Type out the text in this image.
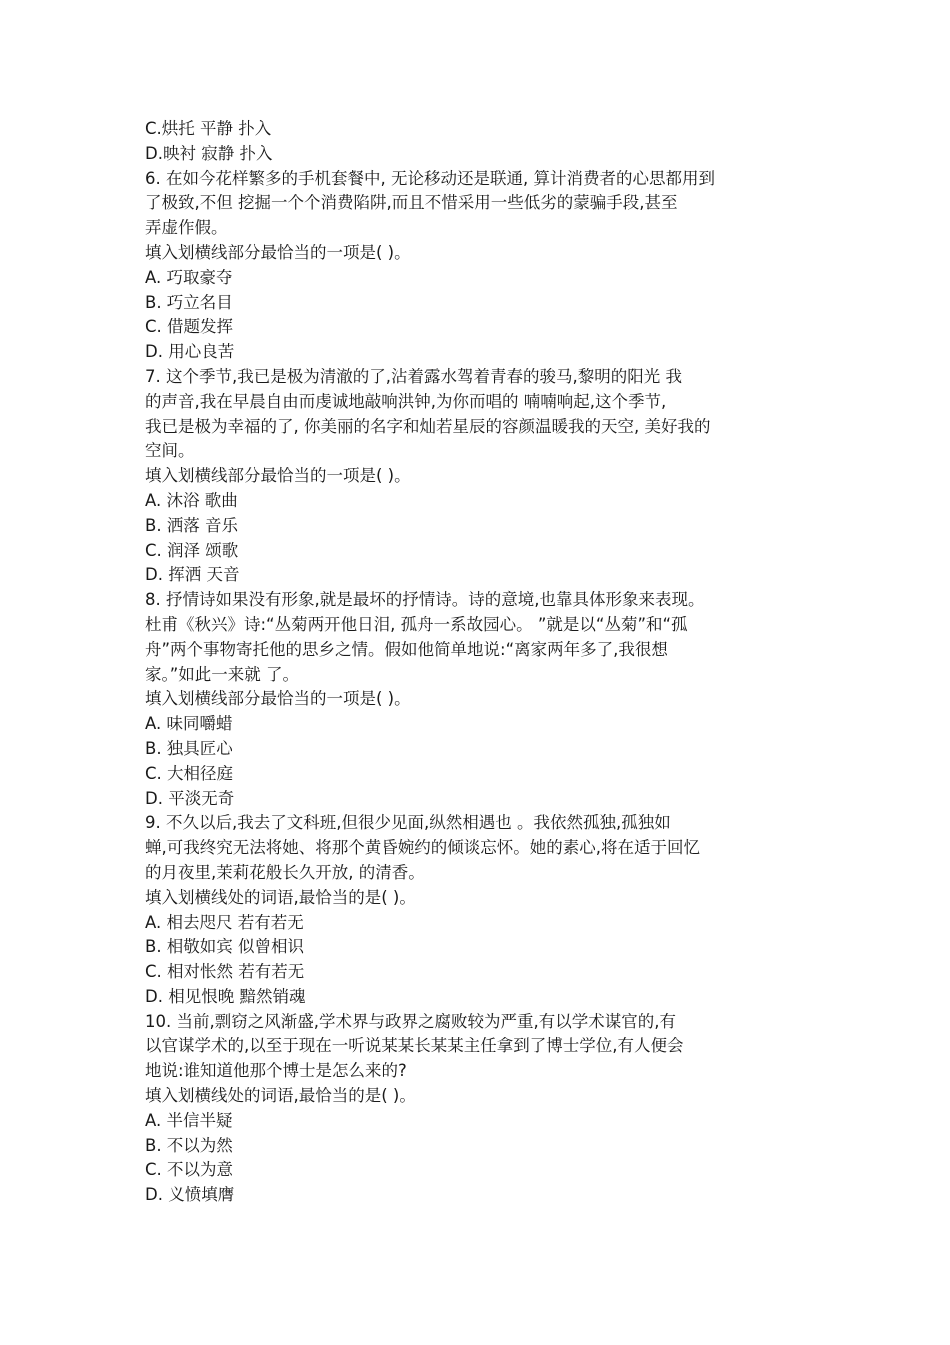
C.烘托 平静 扑入
D.映衬 寂静 扑入
6. 在如今花样繁多的手机套餐中, 无论移动还是联通, 算计消费者的心思都用到
了极致,不但 挖掘一个个消费陷阱,而且不惜采用一些低劣的蒙骗手段,甚至
弄虚作假。
填入划横线部分最恰当的一项是( )。
A. 巧取豪夺
B. 巧立名目
C. 借题发挥
D. 用心良苦
7. 这个季节,我已是极为清澈的了,沾着露水驾着青春的骏马,黎明的阳光 我
的声音,我在早晨自由而虔诚地敲响洪钟,为你而唱的 喃喃响起,这个季节,
我已是极为幸福的了, 你美丽的名字和灿若星辰的容颜温暖我的天空, 美好我的
空间。
填入划横线部分最恰当的一项是( )。
A. 沐浴 歌曲
B. 洒落 音乐
C. 润泽 颂歌
D. 挥洒 天音
8. 抒情诗如果没有形象,就是最坏的抒情诗。诗的意境,也靠具体形象来表现。
杜甫《秋兴》诗:“丛菊两开他日泪, 孤舟一系故园心。 ”就是以“丛菊”和“孤
舟”两个事物寄托他的思乡之情。假如他简单地说:“离家两年多了,我很想
家。”如此一来就 了。
填入划横线部分最恰当的一项是( )。
A. 味同嚼蜡
B. 独具匠心
C. 大相径庭
D. 平淡无奇
9. 不久以后,我去了文科班,但很少见面,纵然相遇也 。我依然孤独,孤独如
蝉,可我终究无法将她、将那个黄昏婉约的倾谈忘怀。她的素心,将在适于回忆
的月夜里,茉莉花般长久开放, 的清香。
填入划横线处的词语,最恰当的是( )。
A. 相去咫尺 若有若无
B. 相敬如宾 似曾相识
C. 相对怅然 若有若无
D. 相见恨晚 黯然销魂
10. 当前,剽窃之风渐盛,学术界与政界之腐败较为严重,有以学术谋官的,有
以官谋学术的,以至于现在一听说某某长某某主任拿到了博士学位,有人便会
地说:谁知道他那个博士是怎么来的?
填入划横线处的词语,最恰当的是( )。
A. 半信半疑
B. 不以为然
C. 不以为意
D. 义愤填膺
